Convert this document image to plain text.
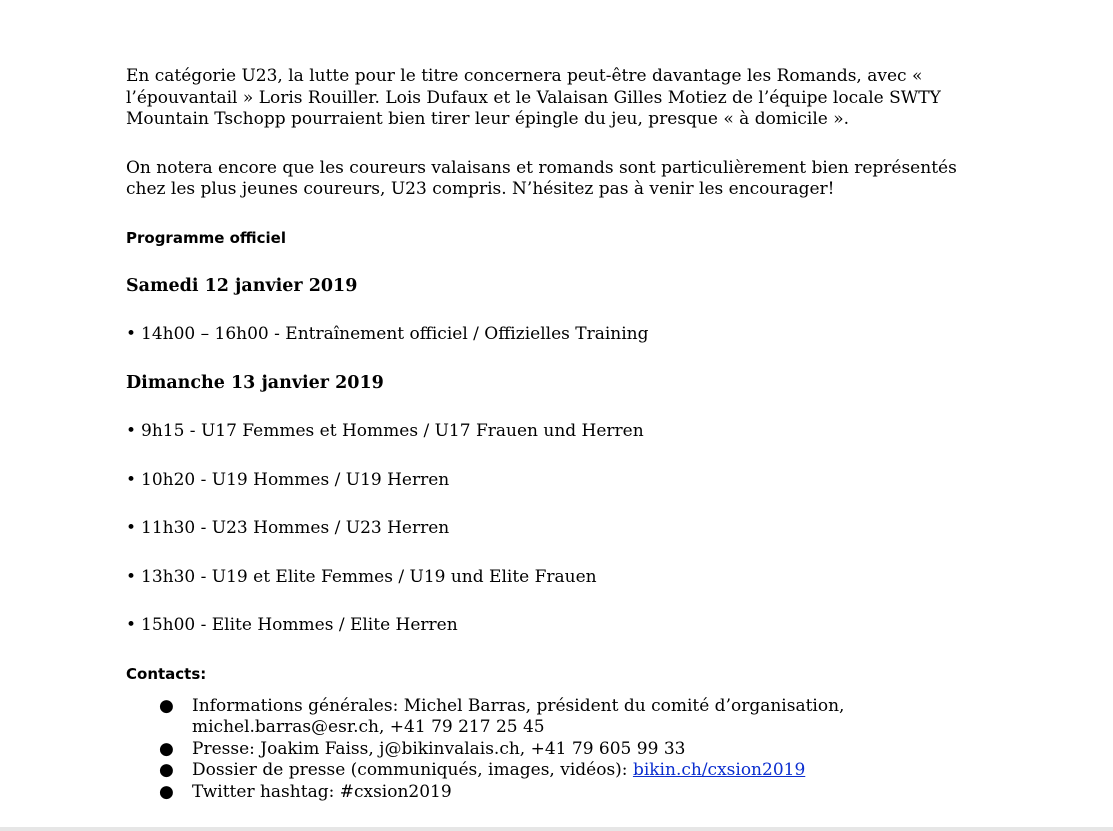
En catégorie U23, la lutte pour le titre concernera peut-être davantage les Romands, avec « l’épouvantail » Loris Rouiller. Lois Dufaux et le Valaisan Gilles Motiez de l’équipe locale SWTY Mountain Tschopp pourraient bien tirer leur épingle du jeu, presque « à domicile ».

On notera encore que les coureurs valaisans et romands sont particulièrement bien représentés chez les plus jeunes coureurs, U23 compris. N’hésitez pas à venir les encourager!

Programme officiel
Samedi 12 janvier 2019
• 14h00 – 16h00 - Entraînement officiel / Offizielles Training
Dimanche 13 janvier 2019
• 9h15 - U17 Femmes et Hommes / U17 Frauen und Herren
• 10h20 - U19 Hommes / U19 Herren
• 11h30 - U23 Hommes / U23 Herren
• 13h30 - U19 et Elite Femmes / U19 und Elite Frauen
• 15h00 - Elite Hommes / Elite Herren
Contacts:
● Informations générales: Michel Barras, président du comité d’organisation, michel.barras@esr.ch, +41 79 217 25 45
● Presse: Joakim Faiss, j@bikinvalais.ch, +41 79 605 99 33
● Dossier de presse (communiqués, images, vidéos): bikin.ch/cxsion2019
● Twitter hashtag: #cxsion2019
